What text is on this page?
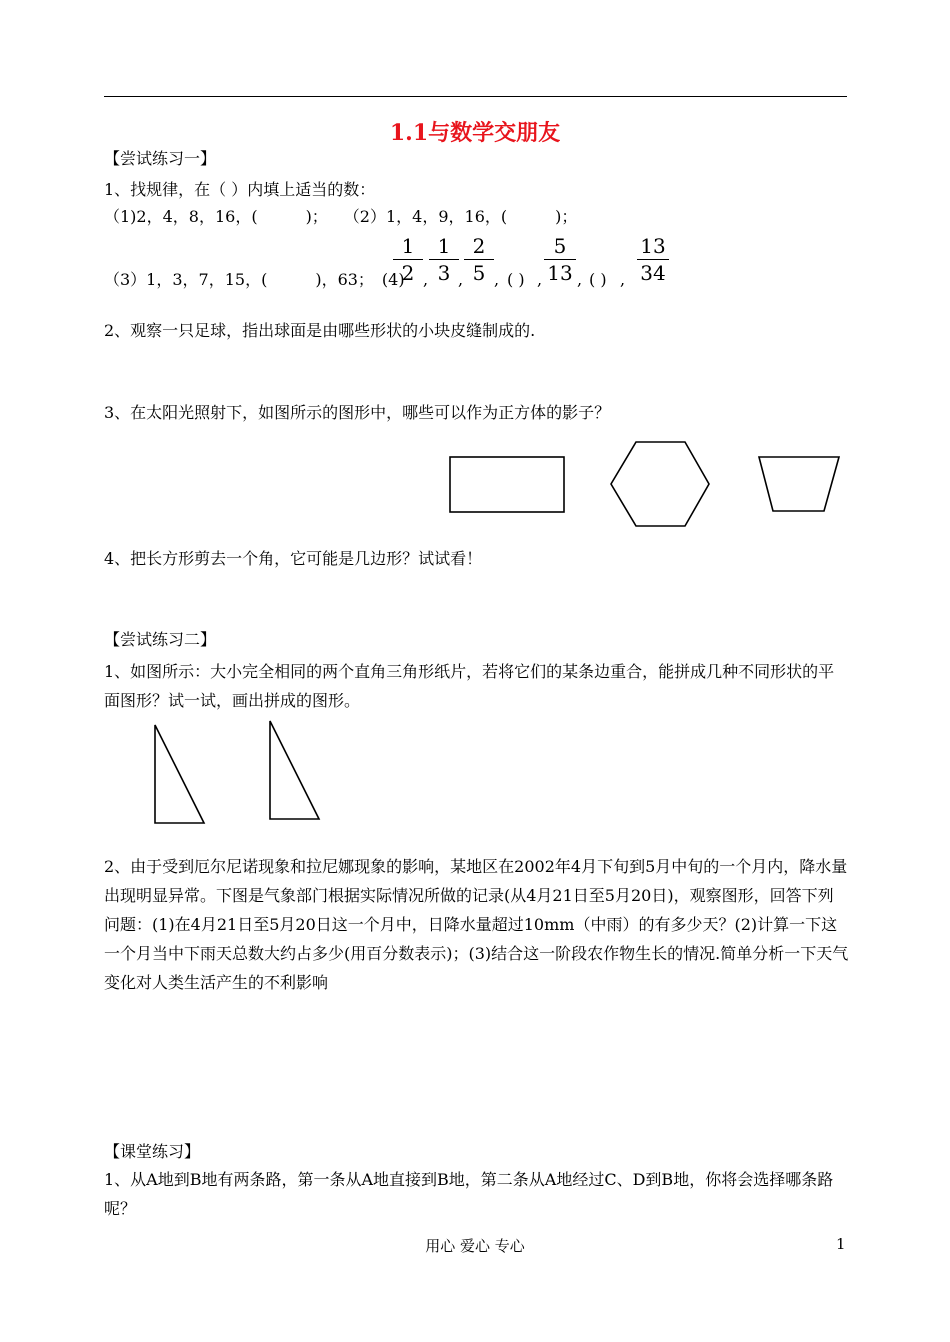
1.1与数学交朋友
【尝试练习一】
1、找规律，在（ ）内填上适当的数：
（1)2，4，8，16，(　　　)；　　（2）1，4，9，16，(　　　)；
（3）1，3，7，15，(　　　)，63；　(4)
$\frac{1}{2}$ , $\frac{1}{3}$ , $\frac{2}{5}$ , ( ) , $\frac{5}{13}$ , ( ) , $\frac{13}{34}$
2、观察一只足球，指出球面是由哪些形状的小块皮缝制成的.
3、在太阳光照射下，如图所示的图形中，哪些可以作为正方体的影子？
4、把长方形剪去一个角，它可能是几边形？试试看！
【尝试练习二】
1、如图所示：大小完全相同的两个直角三角形纸片，若将它们的某条边重合，能拼成几种不同形状的平面图形？试一试，画出拼成的图形。
2、由于受到厄尔尼诺现象和拉尼娜现象的影响，某地区在2002年4月下旬到5月中旬的一个月内，降水量出现明显异常。下图是气象部门根据实际情况所做的记录(从4月21日至5月20日)，观察图形，回答下列问题：(1)在4月21日至5月20日这一个月中，日降水量超过10mm（中雨）的有多少天？(2)计算一下这一个月当中下雨天总数大约占多少(用百分数表示)；(3)结合这一阶段农作物生长的情况.简单分析一下天气变化对人类生活产生的不利影响
【课堂练习】
1、从A地到B地有两条路，第一条从A地直接到B地，第二条从A地经过C、D到B地，你将会选择哪条路呢？
用心 爱心 专心	1
